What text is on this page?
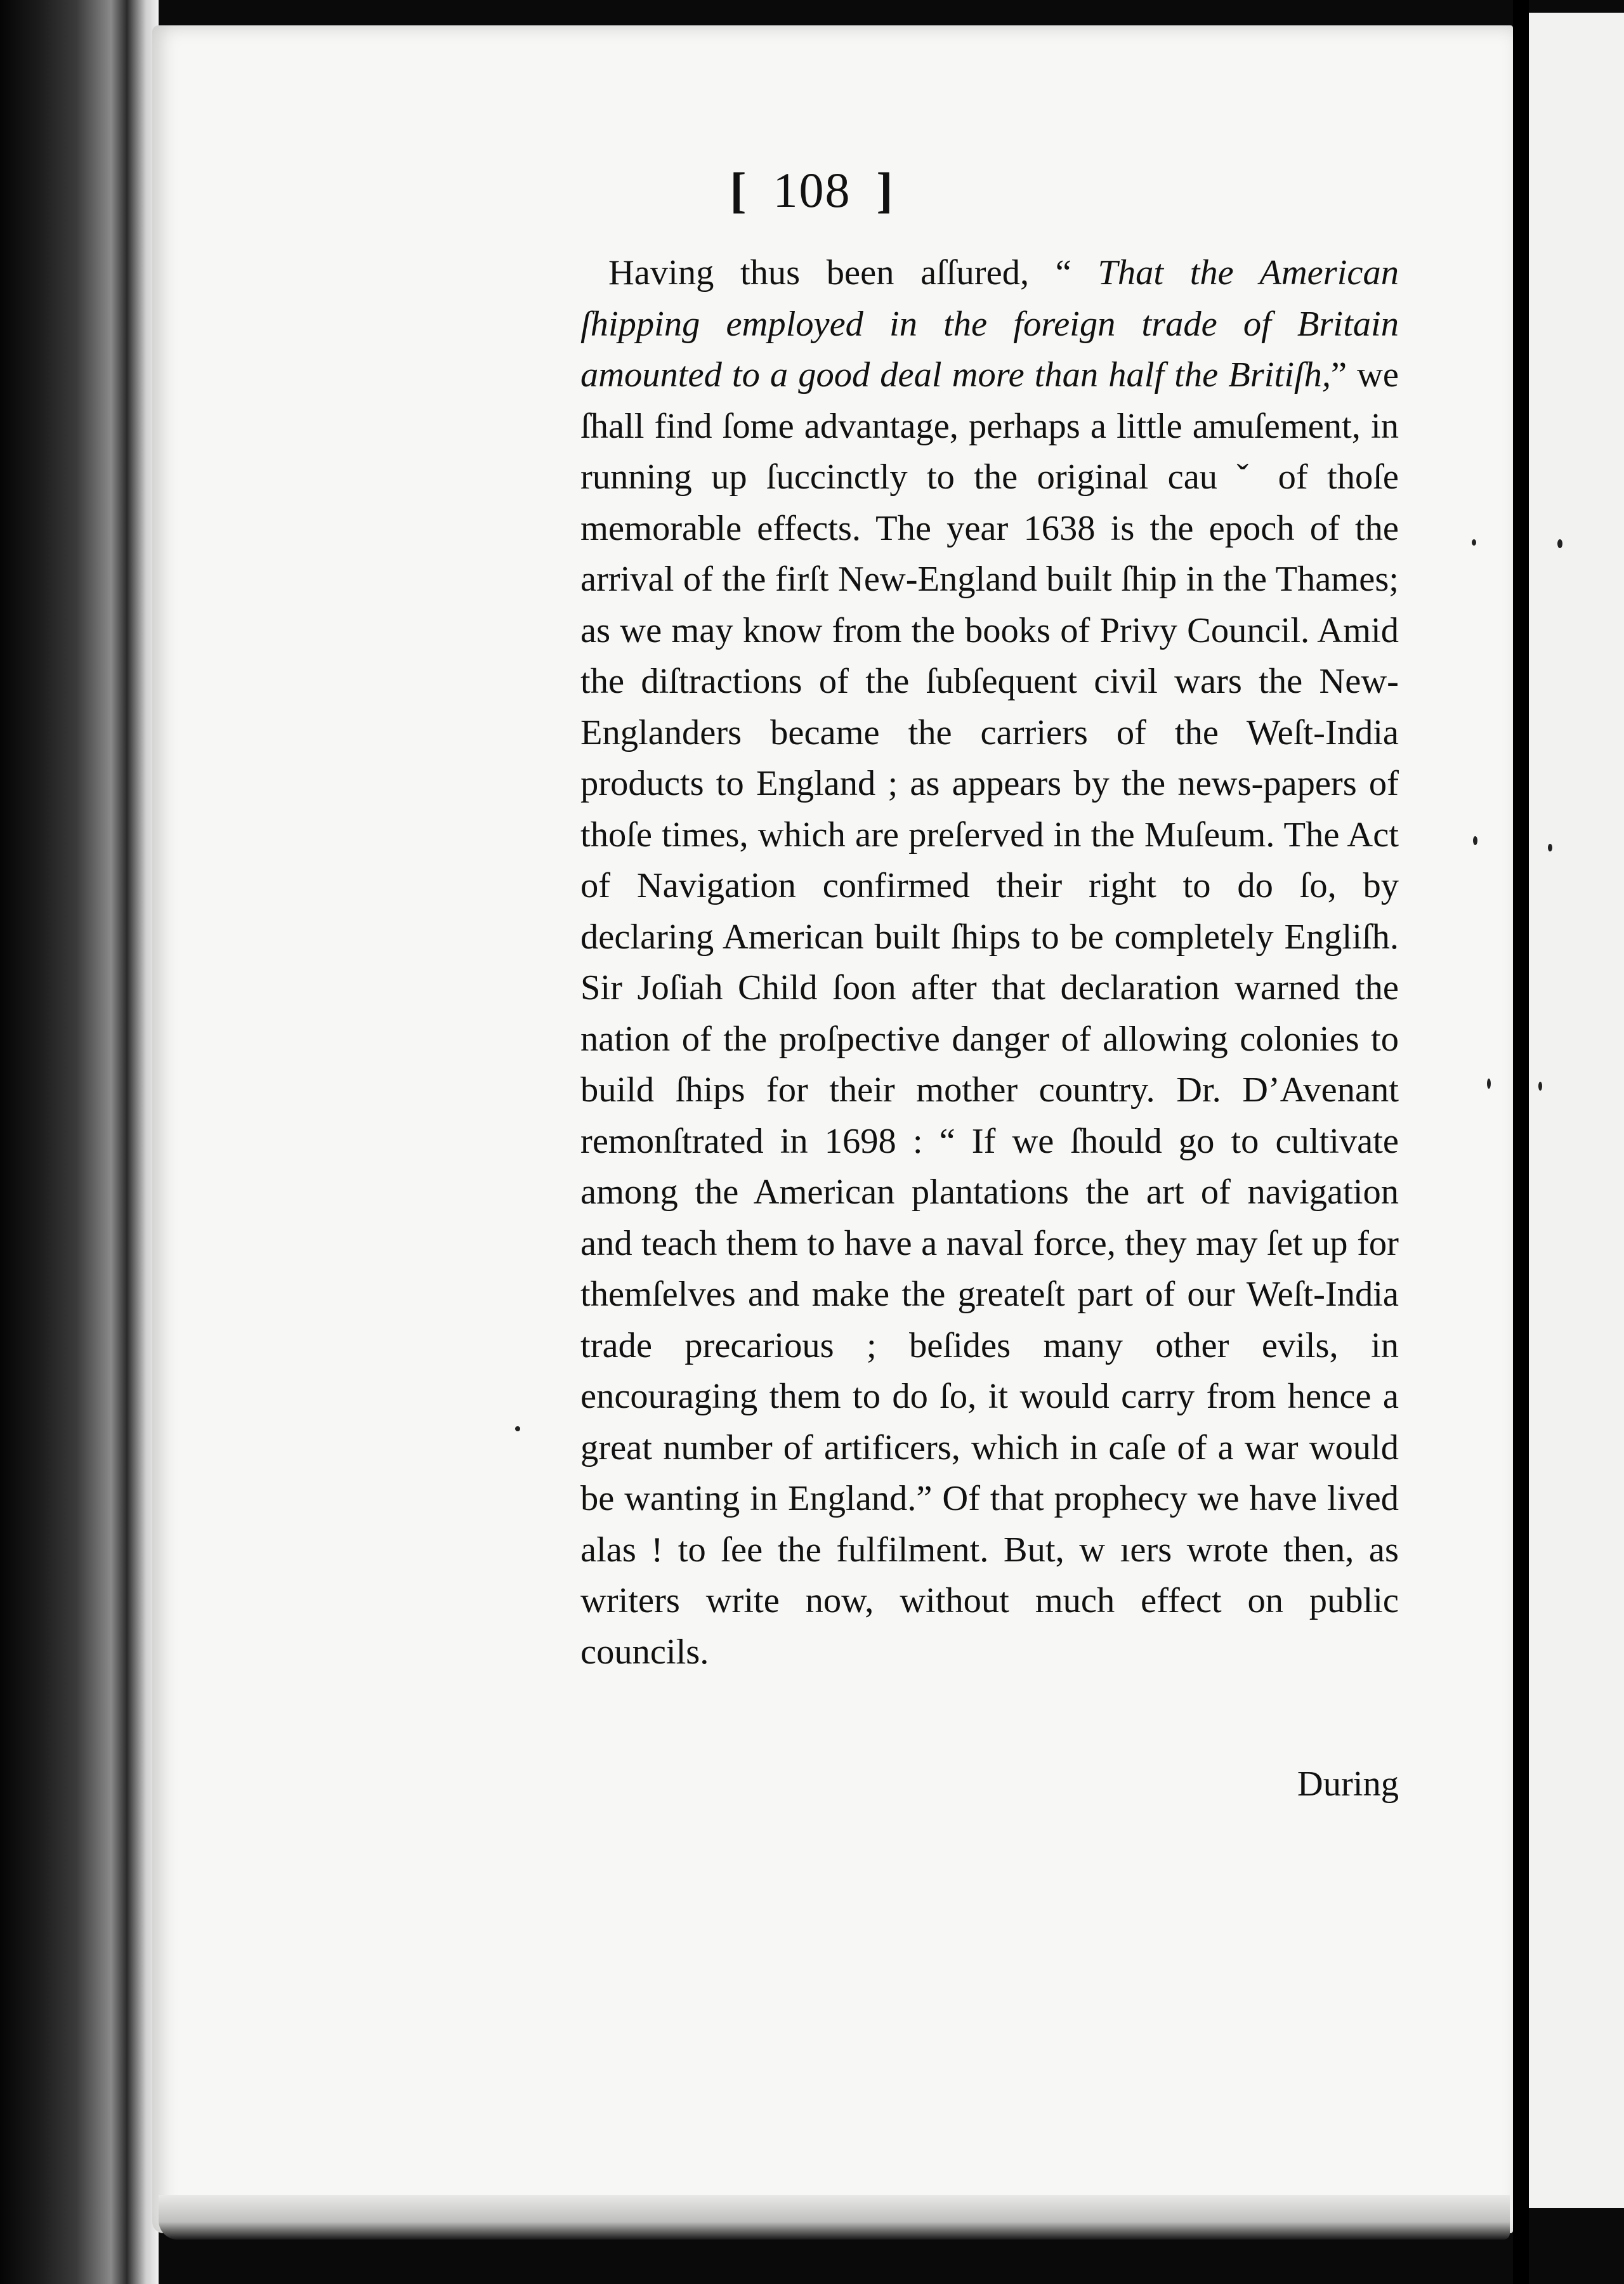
[ 108 ]
Having thus been aſſured, “ That the American ſhipping employed in the foreign trade of Britain amounted to a good deal more than half the Britiſh,” we ſhall find ſome advantage, perhaps a little amuſement, in running up ſuccinctly to the original cau ˇ of thoſe memorable effects. The year 1638 is the epoch of the arrival of the firſt New-England built ſhip in the Thames; as we may know from the books of Privy Council. Amid the diſtractions of the ſubſequent civil wars the New-Englanders became the carriers of the Weſt-India products to England ; as appears by the news-papers of thoſe times, which are preſerved in the Muſeum. The Act of Navigation confirmed their right to do ſo, by declaring American built ſhips to be completely Engliſh. Sir Joſiah Child ſoon after that declaration warned the nation of the proſpective danger of allowing colonies to build ſhips for their mother country. Dr. D’Avenant remonſtrated in 1698 : “ If we ſhould go to cultivate among the American plantations the art of navigation and teach them to have a naval force, they may ſet up for themſelves and make the greateſt part of our Weſt-India trade precarious ; beſides many other evils, in encouraging them to do ſo, it would carry from hence a great number of artificers, which in caſe of a war would be wanting in England.” Of that prophecy we have lived alas ! to ſee the fulfilment. But, w ıers wrote then, as writers write now, without much effect on public councils.
During
